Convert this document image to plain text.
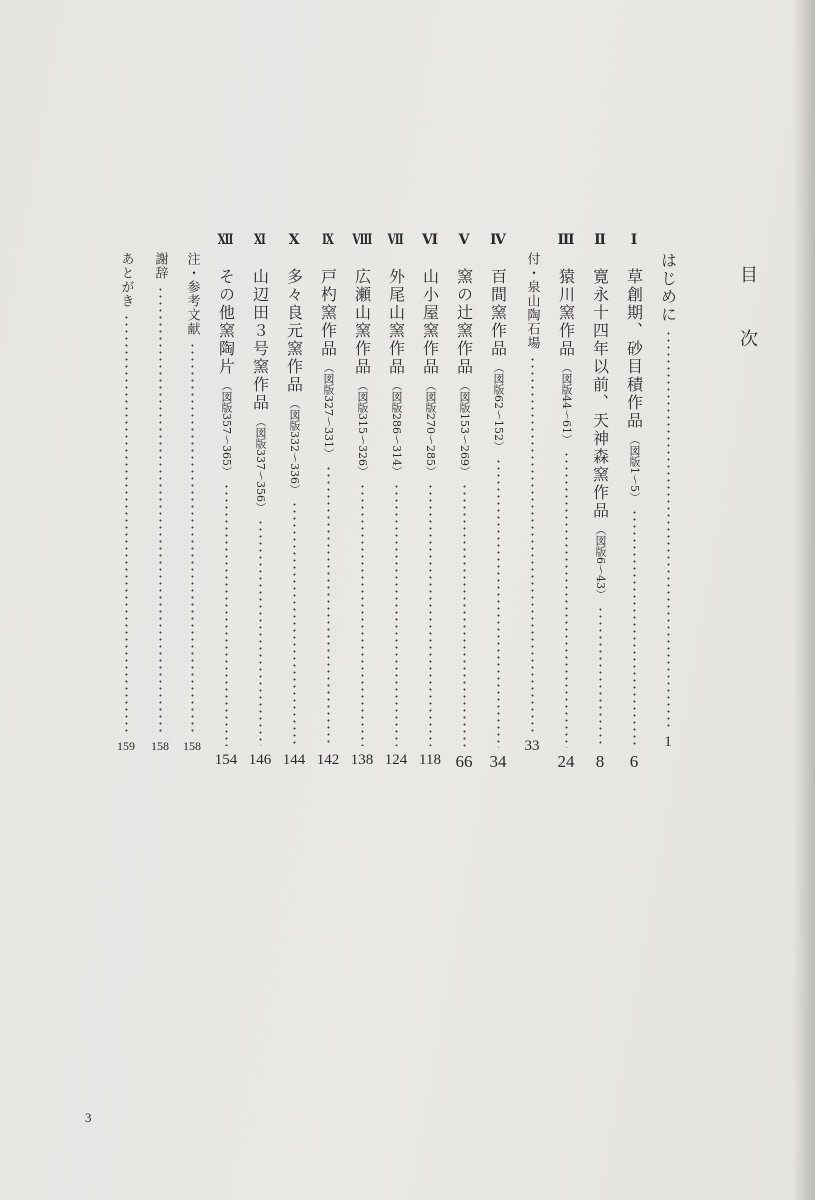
目次
はじめに
1
Ⅰ
草創期、砂目積作品
（図版1〜5）
6
Ⅱ
寛永十四年以前、天神森窯作品
（図版6〜43）
8
Ⅲ
猿川窯作品
（図版44〜61）
24
付・泉山陶石場
33
Ⅳ
百間窯作品
（図版62〜152）
34
Ⅴ
窯の辻窯作品
（図版153〜269）
66
Ⅵ
山小屋窯作品
（図版270〜285）
118
Ⅶ
外尾山窯作品
（図版286〜314）
124
Ⅷ
広瀬山窯作品
（図版315〜326）
138
Ⅸ
戸杓窯作品
（図版327〜331）
142
Ⅹ
多々良元窯作品
（図版332〜336）
144
Ⅺ
山辺田３号窯作品
（図版337〜356）
146
Ⅻ
その他窯陶片
（図版357〜365）
154
注・参考文献
158
謝辞
158
あとがき
159
3
